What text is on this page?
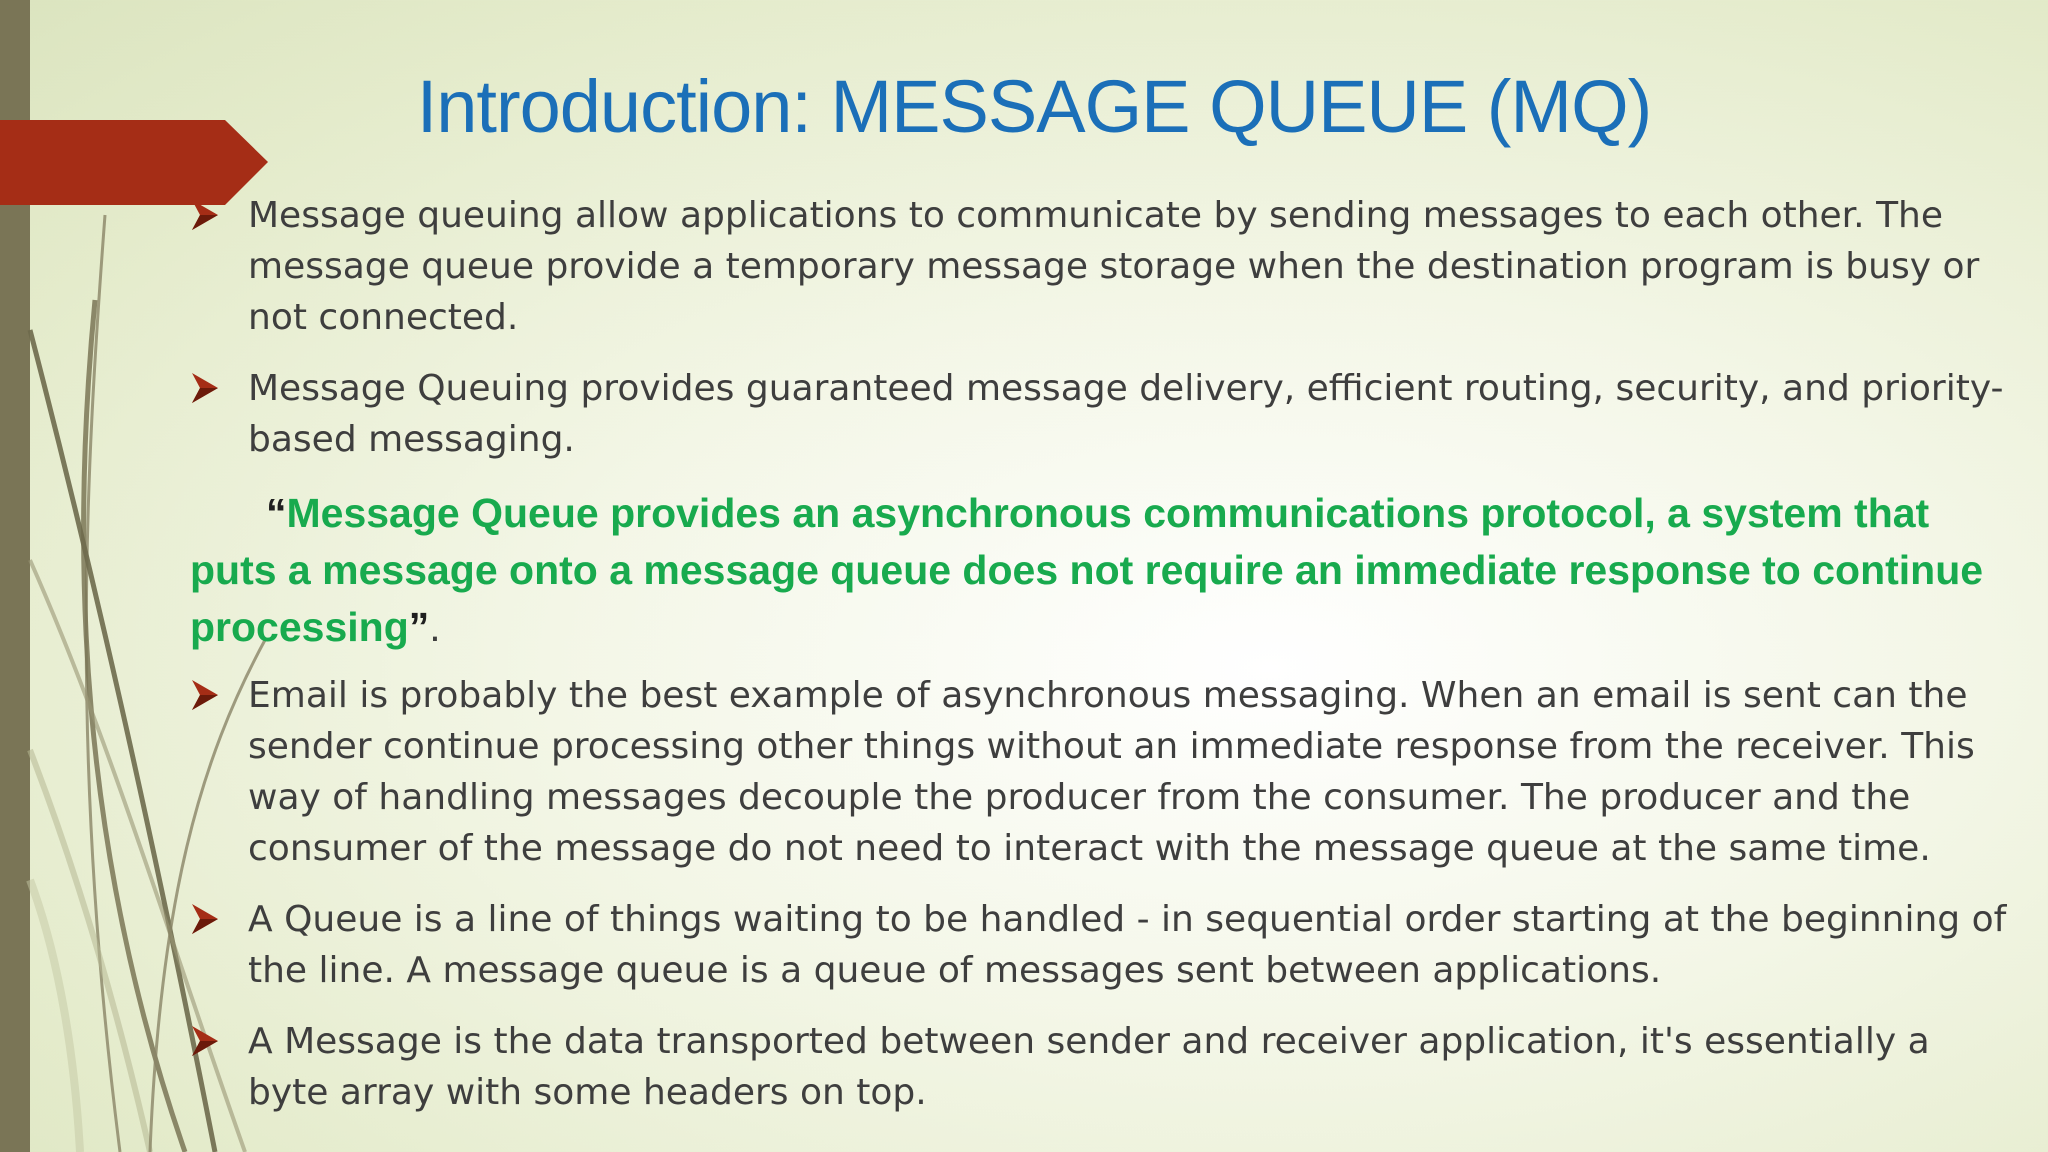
Introduction: MESSAGE QUEUE (MQ)
Message queuing allow applications to communicate by sending messages to each other. The message queue provide a temporary message storage when the destination program is busy or not connected.
Message Queuing provides guaranteed message delivery, efficient routing, security, and priority-based messaging.
“Message Queue provides an asynchronous communications protocol, a system that puts a message onto a message queue does not require an immediate response to continue processing”.
Email is probably the best example of asynchronous messaging. When an email is sent can the sender continue processing other things without an immediate response from the receiver. This way of handling messages decouple the producer from the consumer. The producer and the consumer of the message do not need to interact with the message queue at the same time.
A Queue is a line of things waiting to be handled - in sequential order starting at the beginning of the line. A message queue is a queue of messages sent between applications.
A Message is the data transported between sender and receiver application, it's essentially a byte array with some headers on top.
